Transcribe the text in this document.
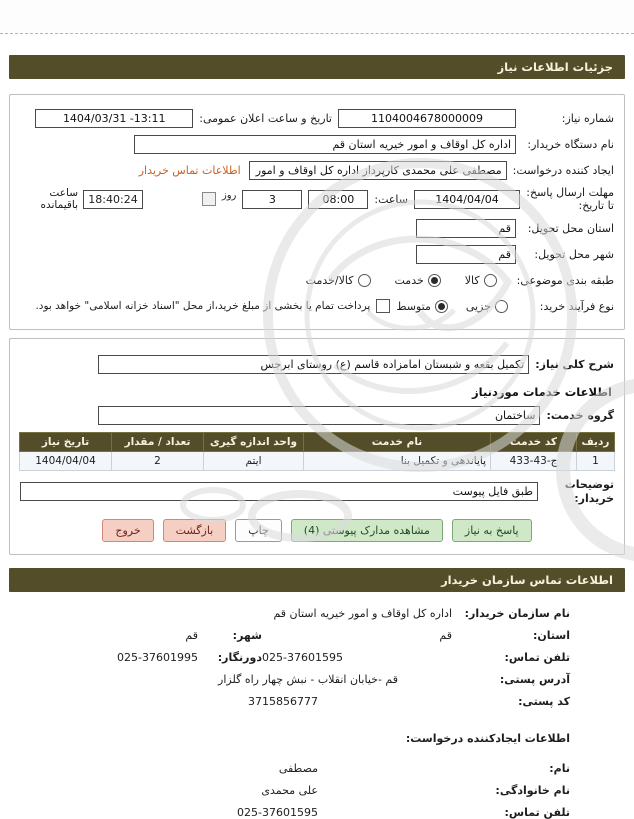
جزئیات اطلاعات نیاز
شماره نیاز:
1104004678000009
تاریخ و ساعت اعلان عمومی:
1404/03/31 -13:11
نام دستگاه خریدار:
اداره کل اوقاف و امور خیریه استان قم
ایجاد کننده درخواست:
مصطفی علی محمدی کارپرداز اداره کل اوقاف و امور خیریه استان قم
اطلاعات تماس خریدار
مهلت ارسال پاسخ: تا تاریخ:
1404/04/04
ساعت:
08:00
3
روز
18:40:24
ساعت باقیمانده
استان محل تحویل:
قم
شهر محل تحویل:
قم
طبقه بندی موضوعی:
کالا
خدمت
کالا/خدمت
نوع فرآیند خرید:
جزیی
متوسط
پرداخت تمام یا بخشی از مبلغ خرید،از محل "اسناد خزانه اسلامی" خواهد بود.
شرح کلی نیاز:
تکمیل بقعه و شبستان امامزاده قاسم (ع) روستای ابرجس
اطلاعات خدمات موردنیاز
گروه خدمت:
ساختمان
ردیف	کد خدمت	نام خدمت	واحد اندازه گیری	تعداد / مقدار	تاریخ نیاز
1	ج-43-433	پایاندهی و تکمیل بنا	ایتم	2	1404/04/04
توضیحات خریدار:
طبق فایل پیوست
پاسخ به نیاز
مشاهده مدارک پیوستی (4)
چاپ
بازگشت
خروج
اطلاعات تماس سازمان خریدار
نام سازمان خریدار:
اداره کل اوقاف و امور خیریه استان قم
استان:
قم
شهر:
قم
تلفن تماس:
025-37601595
دورنگار:
025-37601995
آدرس پستی:
قم -خیابان انقلاب - نبش چهار راه گلزار
کد پستی:
3715856777
اطلاعات ایجادکننده درخواست:
نام:
مصطفی
نام خانوادگی:
علی محمدی
تلفن تماس:
025-37601595
